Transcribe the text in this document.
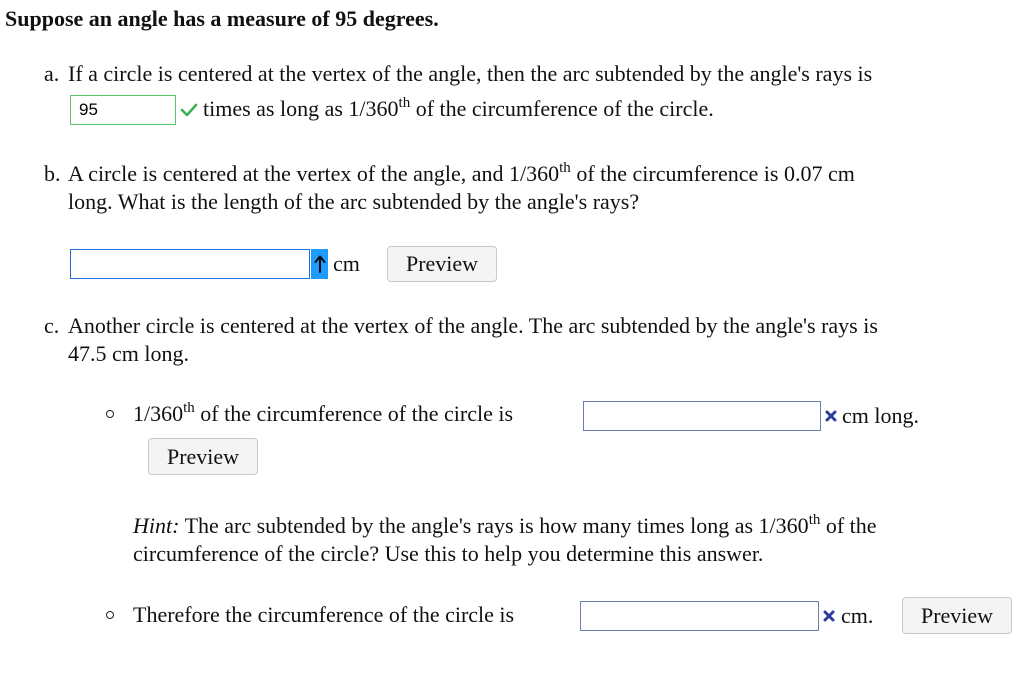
Suppose an angle has a measure of 95 degrees.
a. If a circle is centered at the vertex of the angle, then the arc subtended by the angle's rays is
95
times as long as 1/360th of the circumference of the circle.
b. A circle is centered at the vertex of the angle, and 1/360th of the circumference is 0.07 cm
long. What is the length of the arc subtended by the angle's rays?
cm	Preview
c. Another circle is centered at the vertex of the angle. The arc subtended by the angle's rays is
47.5 cm long.
1/360th of the circumference of the circle is	cm long.
Preview
Hint: The arc subtended by the angle's rays is how many times long as 1/360th of the
circumference of the circle? Use this to help you determine this answer.
Therefore the circumference of the circle is	cm.	Preview
